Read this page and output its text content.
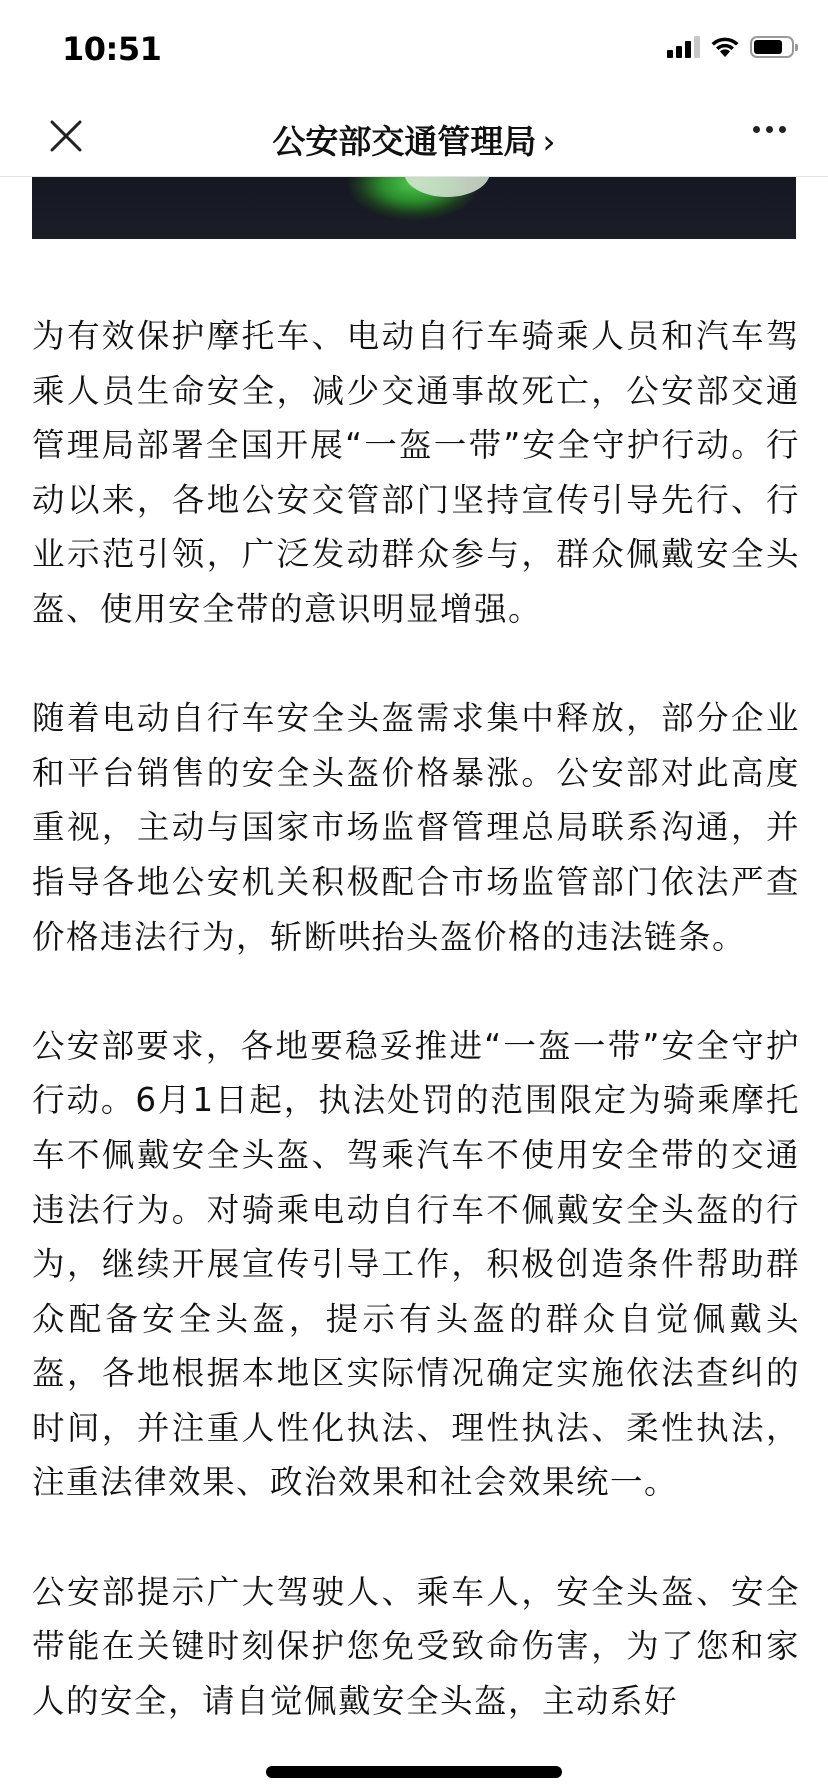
10:51
公安部交通管理局 ›

为有效保护摩托车、电动自行车骑乘人员和汽车驾乘人员生命安全，减少交通事故死亡，公安部交通管理局部署全国开展“一盔一带”安全守护行动。行动以来，各地公安交管部门坚持宣传引导先行、行业示范引领，广泛发动群众参与，群众佩戴安全头盔、使用安全带的意识明显增强。

随着电动自行车安全头盔需求集中释放，部分企业和平台销售的安全头盔价格暴涨。公安部对此高度重视，主动与国家市场监督管理总局联系沟通，并指导各地公安机关积极配合市场监管部门依法严查价格违法行为，斩断哄抬头盔价格的违法链条。

公安部要求，各地要稳妥推进“一盔一带”安全守护行动。6月1日起，执法处罚的范围限定为骑乘摩托车不佩戴安全头盔、驾乘汽车不使用安全带的交通违法行为。对骑乘电动自行车不佩戴安全头盔的行为，继续开展宣传引导工作，积极创造条件帮助群众配备安全头盔，提示有头盔的群众自觉佩戴头盔，各地根据本地区实际情况确定实施依法查纠的时间，并注重人性化执法、理性执法、柔性执法，注重法律效果、政治效果和社会效果统一。

公安部提示广大驾驶人、乘车人，安全头盔、安全带能在关键时刻保护您免受致命伤害，为了您和家人的安全，请自觉佩戴安全头盔，主动系好
